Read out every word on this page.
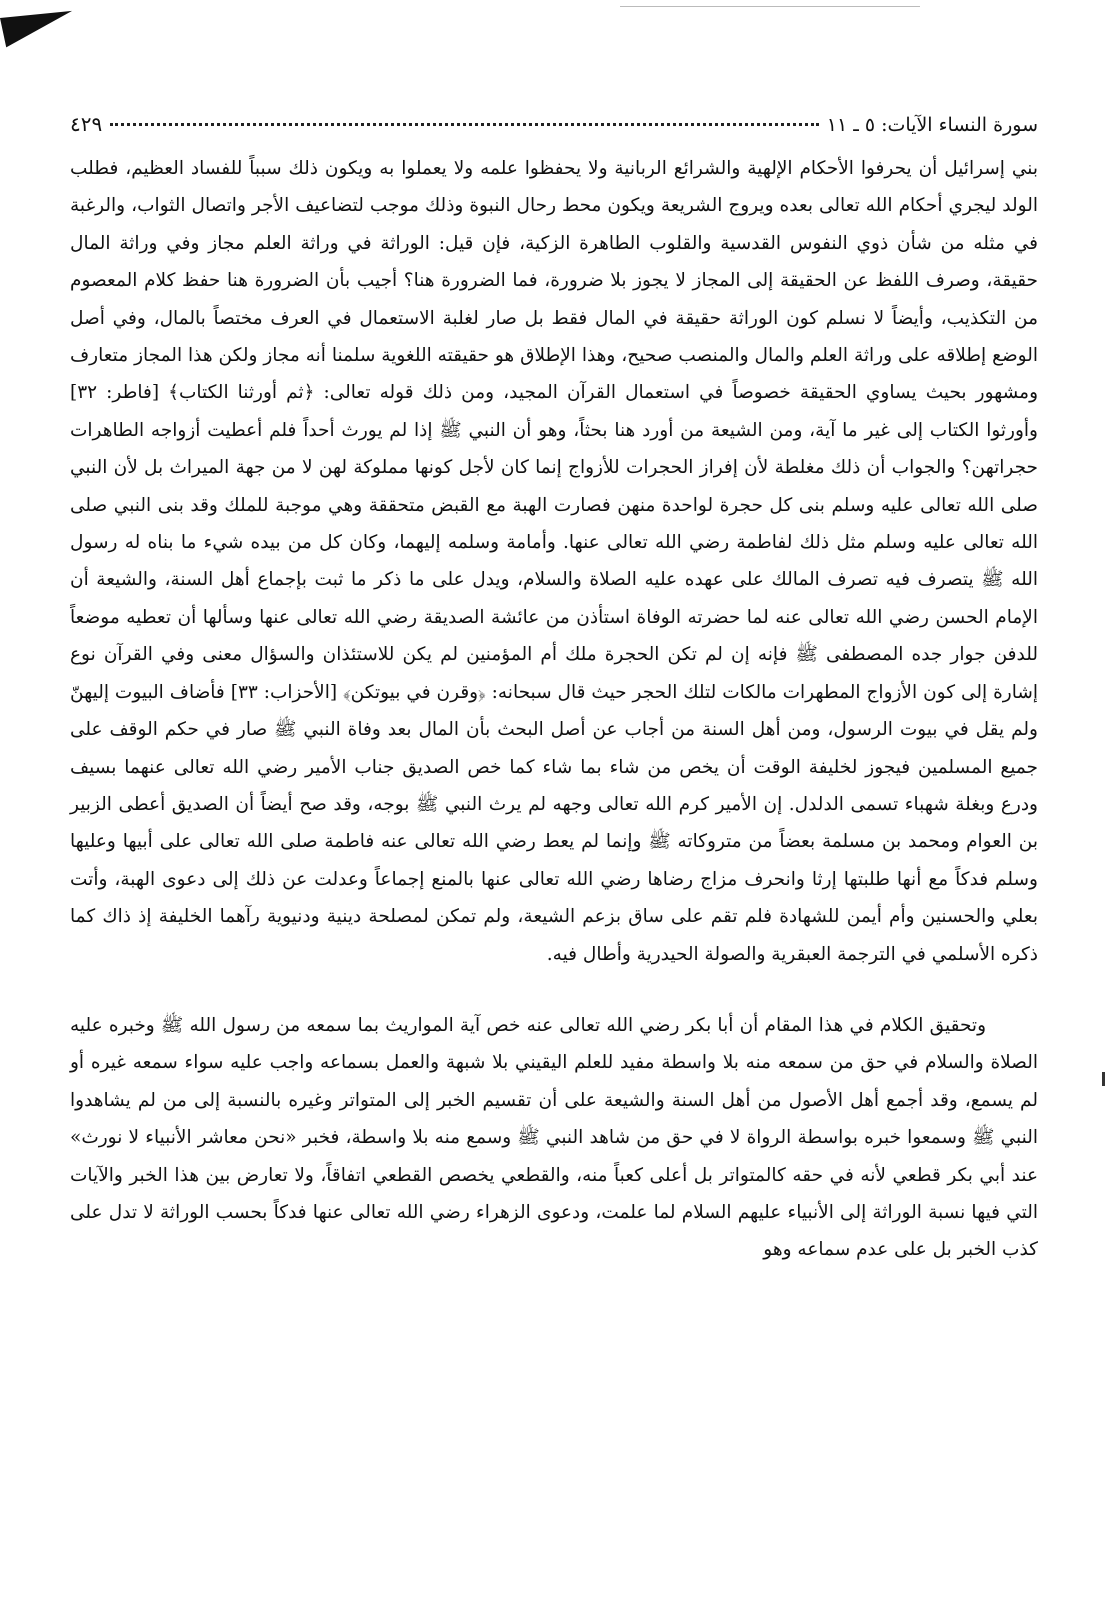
سورة النساء الآيات: ٥ ـ ١١
٤٢٩

بني إسرائيل أن يحرفوا الأحكام الإلهية والشرائع الربانية ولا يحفظوا علمه ولا يعملوا به ويكون ذلك سبباً للفساد العظيم، فطلب الولد ليجري أحكام الله تعالى بعده ويروج الشريعة ويكون محط رحال النبوة وذلك موجب لتضاعيف الأجر واتصال الثواب، والرغبة في مثله من شأن ذوي النفوس القدسية والقلوب الطاهرة الزكية، فإن قيل: الوراثة في وراثة العلم مجاز وفي وراثة المال حقيقة، وصرف اللفظ عن الحقيقة إلى المجاز لا يجوز بلا ضرورة، فما الضرورة هنا؟ أجيب بأن الضرورة هنا حفظ كلام المعصوم من التكذيب، وأيضاً لا نسلم كون الوراثة حقيقة في المال فقط بل صار لغلبة الاستعمال في العرف مختصاً بالمال، وفي أصل الوضع إطلاقه على وراثة العلم والمال والمنصب صحيح، وهذا الإطلاق هو حقيقته اللغوية سلمنا أنه مجاز ولكن هذا المجاز متعارف ومشهور بحيث يساوي الحقيقة خصوصاً في استعمال القرآن المجيد، ومن ذلك قوله تعالى: ﴿ثم أورثنا الكتاب﴾ [فاطر: ٣٢] وأورثوا الكتاب إلى غير ما آية، ومن الشيعة من أورد هنا بحثاً، وهو أن النبي ﷺ إذا لم يورث أحداً فلم أعطيت أزواجه الطاهرات حجراتهن؟ والجواب أن ذلك مغلطة لأن إفراز الحجرات للأزواج إنما كان لأجل كونها مملوكة لهن لا من جهة الميراث بل لأن النبي صلى الله تعالى عليه وسلم بنى كل حجرة لواحدة منهن فصارت الهبة مع القبض متحققة وهي موجبة للملك وقد بنى النبي صلى الله تعالى عليه وسلم مثل ذلك لفاطمة رضي الله تعالى عنها. وأمامة وسلمه إليهما، وكان كل من بيده شيء ما بناه له رسول الله ﷺ يتصرف فيه تصرف المالك على عهده عليه الصلاة والسلام، ويدل على ما ذكر ما ثبت بإجماع أهل السنة، والشيعة أن الإمام الحسن رضي الله تعالى عنه لما حضرته الوفاة استأذن من عائشة الصديقة رضي الله تعالى عنها وسألها أن تعطيه موضعاً للدفن جوار جده المصطفى ﷺ فإنه إن لم تكن الحجرة ملك أم المؤمنين لم يكن للاستئذان والسؤال معنى وفي القرآن نوع إشارة إلى كون الأزواج المطهرات مالكات لتلك الحجر حيث قال سبحانه: ﴿وقرن في بيوتكن﴾ [الأحزاب: ٣٣] فأضاف البيوت إليهنّ ولم يقل في بيوت الرسول، ومن أهل السنة من أجاب عن أصل البحث بأن المال بعد وفاة النبي ﷺ صار في حكم الوقف على جميع المسلمين فيجوز لخليفة الوقت أن يخص من شاء بما شاء كما خص الصديق جناب الأمير رضي الله تعالى عنهما بسيف ودرع وبغلة شهباء تسمى الدلدل. إن الأمير كرم الله تعالى وجهه لم يرث النبي ﷺ بوجه، وقد صح أيضاً أن الصديق أعطى الزبير بن العوام ومحمد بن مسلمة بعضاً من متروكاته ﷺ وإنما لم يعط رضي الله تعالى عنه فاطمة صلى الله تعالى على أبيها وعليها وسلم فدكاً مع أنها طلبتها إرثا وانحرف مزاج رضاها رضي الله تعالى عنها بالمنع إجماعاً وعدلت عن ذلك إلى دعوى الهبة، وأتت بعلي والحسنين وأم أيمن للشهادة فلم تقم على ساق بزعم الشيعة، ولم تمكن لمصلحة دينية ودنيوية رآهما الخليفة إذ ذاك كما ذكره الأسلمي في الترجمة العبقرية والصولة الحيدرية وأطال فيه.

وتحقيق الكلام في هذا المقام أن أبا بكر رضي الله تعالى عنه خص آية المواريث بما سمعه من رسول الله ﷺ وخبره عليه الصلاة والسلام في حق من سمعه منه بلا واسطة مفيد للعلم اليقيني بلا شبهة والعمل بسماعه واجب عليه سواء سمعه غيره أو لم يسمع، وقد أجمع أهل الأصول من أهل السنة والشيعة على أن تقسيم الخبر إلى المتواتر وغيره بالنسبة إلى من لم يشاهدوا النبي ﷺ وسمعوا خبره بواسطة الرواة لا في حق من شاهد النبي ﷺ وسمع منه بلا واسطة، فخبر «نحن معاشر الأنبياء لا نورث» عند أبي بكر قطعي لأنه في حقه كالمتواتر بل أعلى كعباً منه، والقطعي يخصص القطعي اتفاقاً، ولا تعارض بين هذا الخبر والآيات التي فيها نسبة الوراثة إلى الأنبياء عليهم السلام لما علمت، ودعوى الزهراء رضي الله تعالى عنها فدكاً بحسب الوراثة لا تدل على كذب الخبر بل على عدم سماعه وهو
